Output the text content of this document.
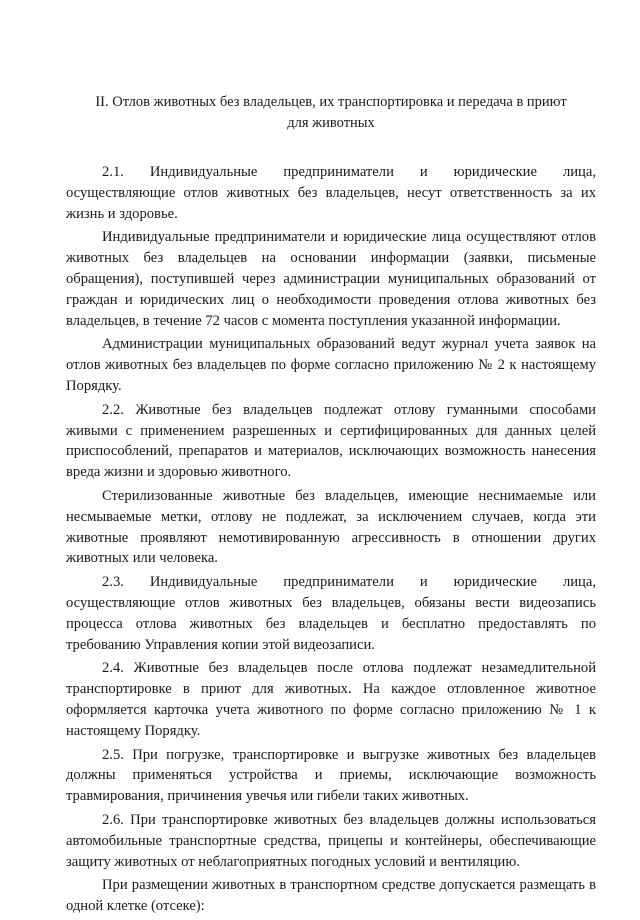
II. Отлов животных без владельцев, их транспортировка и передача в приют
для животных

2.1. Индивидуальные предприниматели и юридические лица, осуществляющие отлов животных без владельцев, несут ответственность за их жизнь и здоровье.

Индивидуальные предприниматели и юридические лица осуществляют отлов животных без владельцев на основании информации (заявки, письменые обращения), поступившей через администрации муниципальных образований от граждан и юридических лиц о необходимости проведения отлова животных без владельцев, в течение 72 часов с момента поступления указанной информации.

Администрации муниципальных образований ведут журнал учета заявок на отлов животных без владельцев по форме согласно приложению № 2 к настоящему Порядку.

2.2. Животные без владельцев подлежат отлову гуманными способами живыми с применением разрешенных и сертифицированных для данных целей приспособлений, препаратов и материалов, исключающих возможность нанесения вреда жизни и здоровью животного.

Стерилизованные животные без владельцев, имеющие неснимаемые или несмываемые метки, отлову не подлежат, за исключением случаев, когда эти животные проявляют немотивированную агрессивность в отношении других животных или человека.

2.3. Индивидуальные предприниматели и юридические лица, осуществляющие отлов животных без владельцев, обязаны вести видеозапись процесса отлова животных без владельцев и бесплатно предоставлять по требованию Управления копии этой видеозаписи.

2.4. Животные без владельцев после отлова подлежат незамедлительной транспортировке в приют для животных. На каждое отловленное животное оформляется карточка учета животного по форме согласно приложению № 1 к настоящему Порядку.

2.5. При погрузке, транспортировке и выгрузке животных без владельцев должны применяться устройства и приемы, исключающие возможность травмирования, причинения увечья или гибели таких животных.

2.6. При транспортировке животных без владельцев должны использоваться автомобильные транспортные средства, прицепы и контейнеры, обеспечивающие защиту животных от неблагоприятных погодных условий и вентиляцию.

При размещении животных в транспортном средстве допускается размещать в одной клетке (отсеке):
